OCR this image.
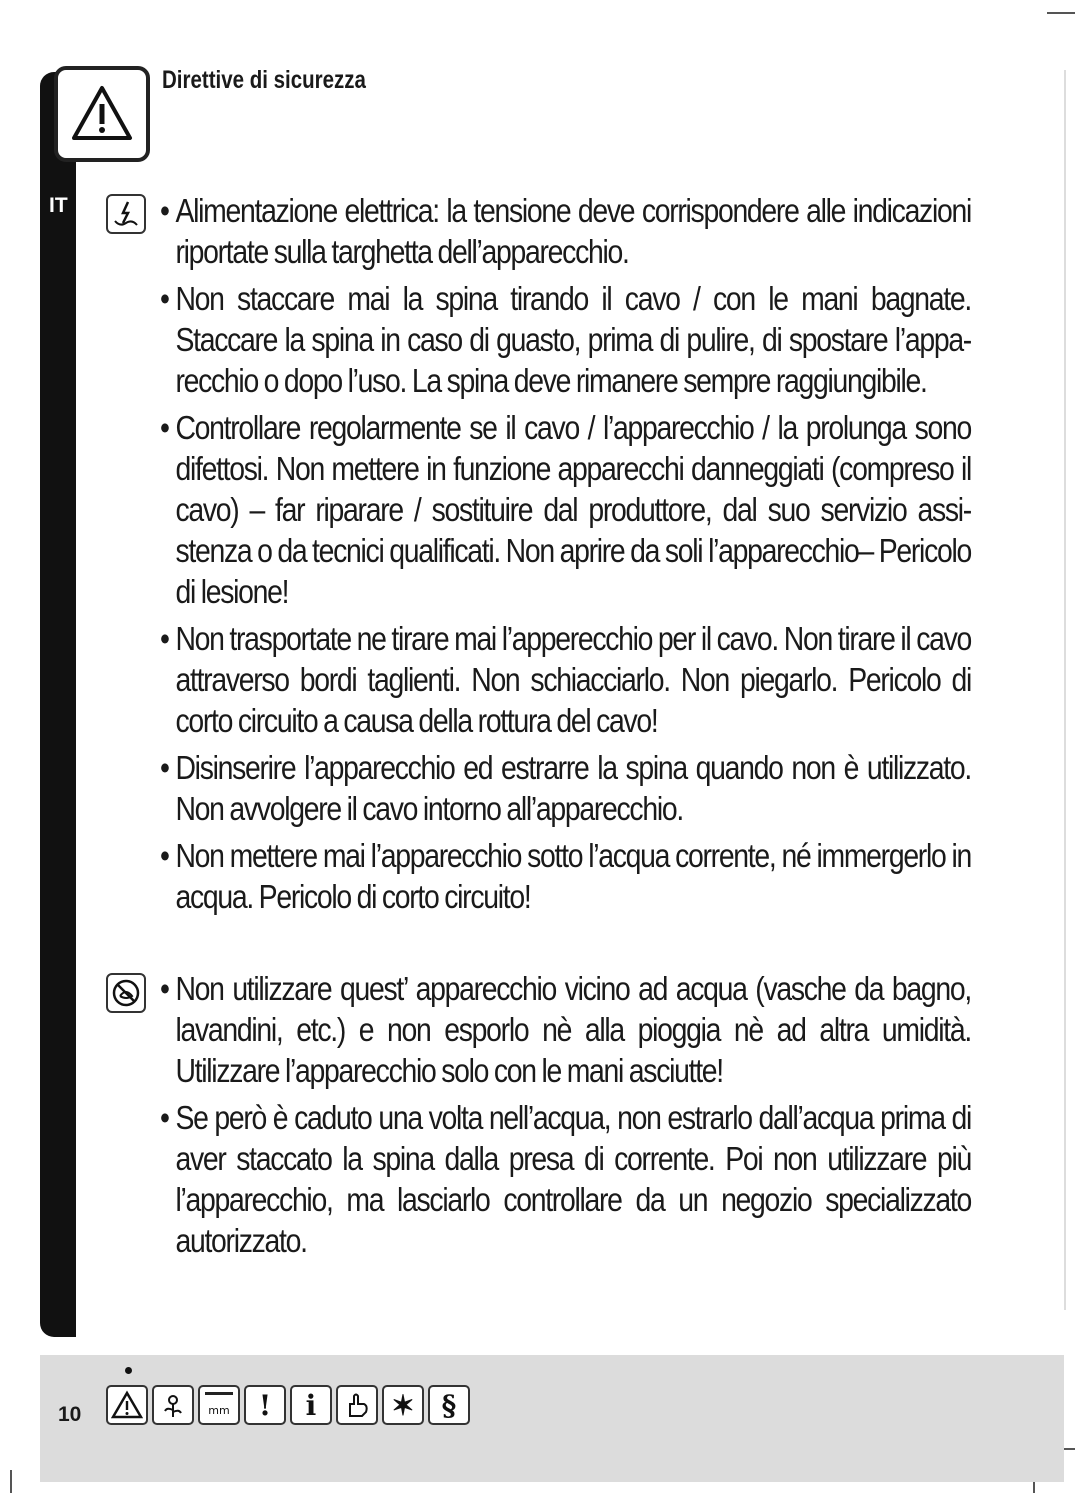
IT
Direttive di sicurezza
• Alimentazione elettrica: la tensione deve corrispondere alle indicazioni riportate sulla targhetta dell’apparecchio.
• Non staccare mai la spina tirando il cavo / con le mani bagnate. Staccare la spina in caso di guasto, prima di pulire, di spostare l’appa-recchio o dopo l’uso. La spina deve rimanere sempre raggiungibile.
• Controllare regolarmente se il cavo / l’apparecchio / la prolunga sono difettosi. Non mettere in funzione apparecchi danneggiati (compreso il cavo) – far riparare / sostituire dal produttore, dal suo servizio assi-stenza o da tecnici qualificati. Non aprire da soli l’apparecchio– Pericolo di lesione!
• Non trasportate ne tirare mai l’apperecchio per il cavo. Non tirare il cavo attraverso bordi taglienti. Non schiacciarlo. Non piegarlo. Pericolo di corto circuito a causa della rottura del cavo!
• Disinserire l’apparecchio ed estrarre la spina quando non è utilizzato. Non avvolgere il cavo intorno all’apparecchio.
• Non mettere mai l’apparecchio sotto l’acqua corrente, né immergerlo in acqua. Pericolo di corto circuito!
• Non utilizzare quest’ apparecchio vicino ad acqua (vasche da bagno, lavandini, etc.) e non esporlo nè alla pioggia nè ad altra umidità. Utilizzare l’apparecchio solo con le mani asciutte!
• Se però è caduto una volta nell’acqua, non estrarlo dall’acqua prima di aver staccato la spina dalla presa di corrente. Poi non utilizzare più l’apparecchio, ma lasciarlo controllare da un negozio specializzato autorizzato.
10	mm ! i	✶ §
